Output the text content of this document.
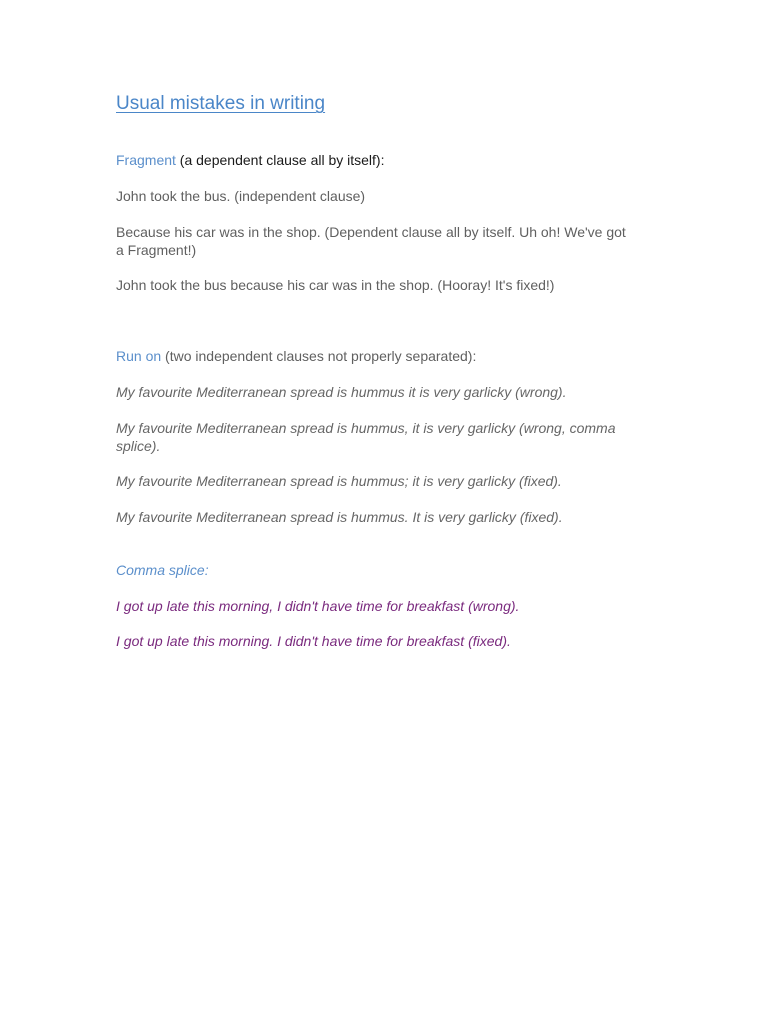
Usual mistakes in writing

Fragment (a dependent clause all by itself):

John took the bus. (independent clause)

Because his car was in the shop. (Dependent clause all by itself. Uh oh! We've got a Fragment!)

John took the bus because his car was in the shop. (Hooray! It's fixed!)

Run on (two independent clauses not properly separated):

My favourite Mediterranean spread is hummus it is very garlicky (wrong).

My favourite Mediterranean spread is hummus, it is very garlicky (wrong, comma splice).

My favourite Mediterranean spread is hummus; it is very garlicky (fixed).

My favourite Mediterranean spread is hummus. It is very garlicky (fixed).

Comma splice:

I got up late this morning, I didn't have time for breakfast (wrong).

I got up late this morning. I didn't have time for breakfast (fixed).
